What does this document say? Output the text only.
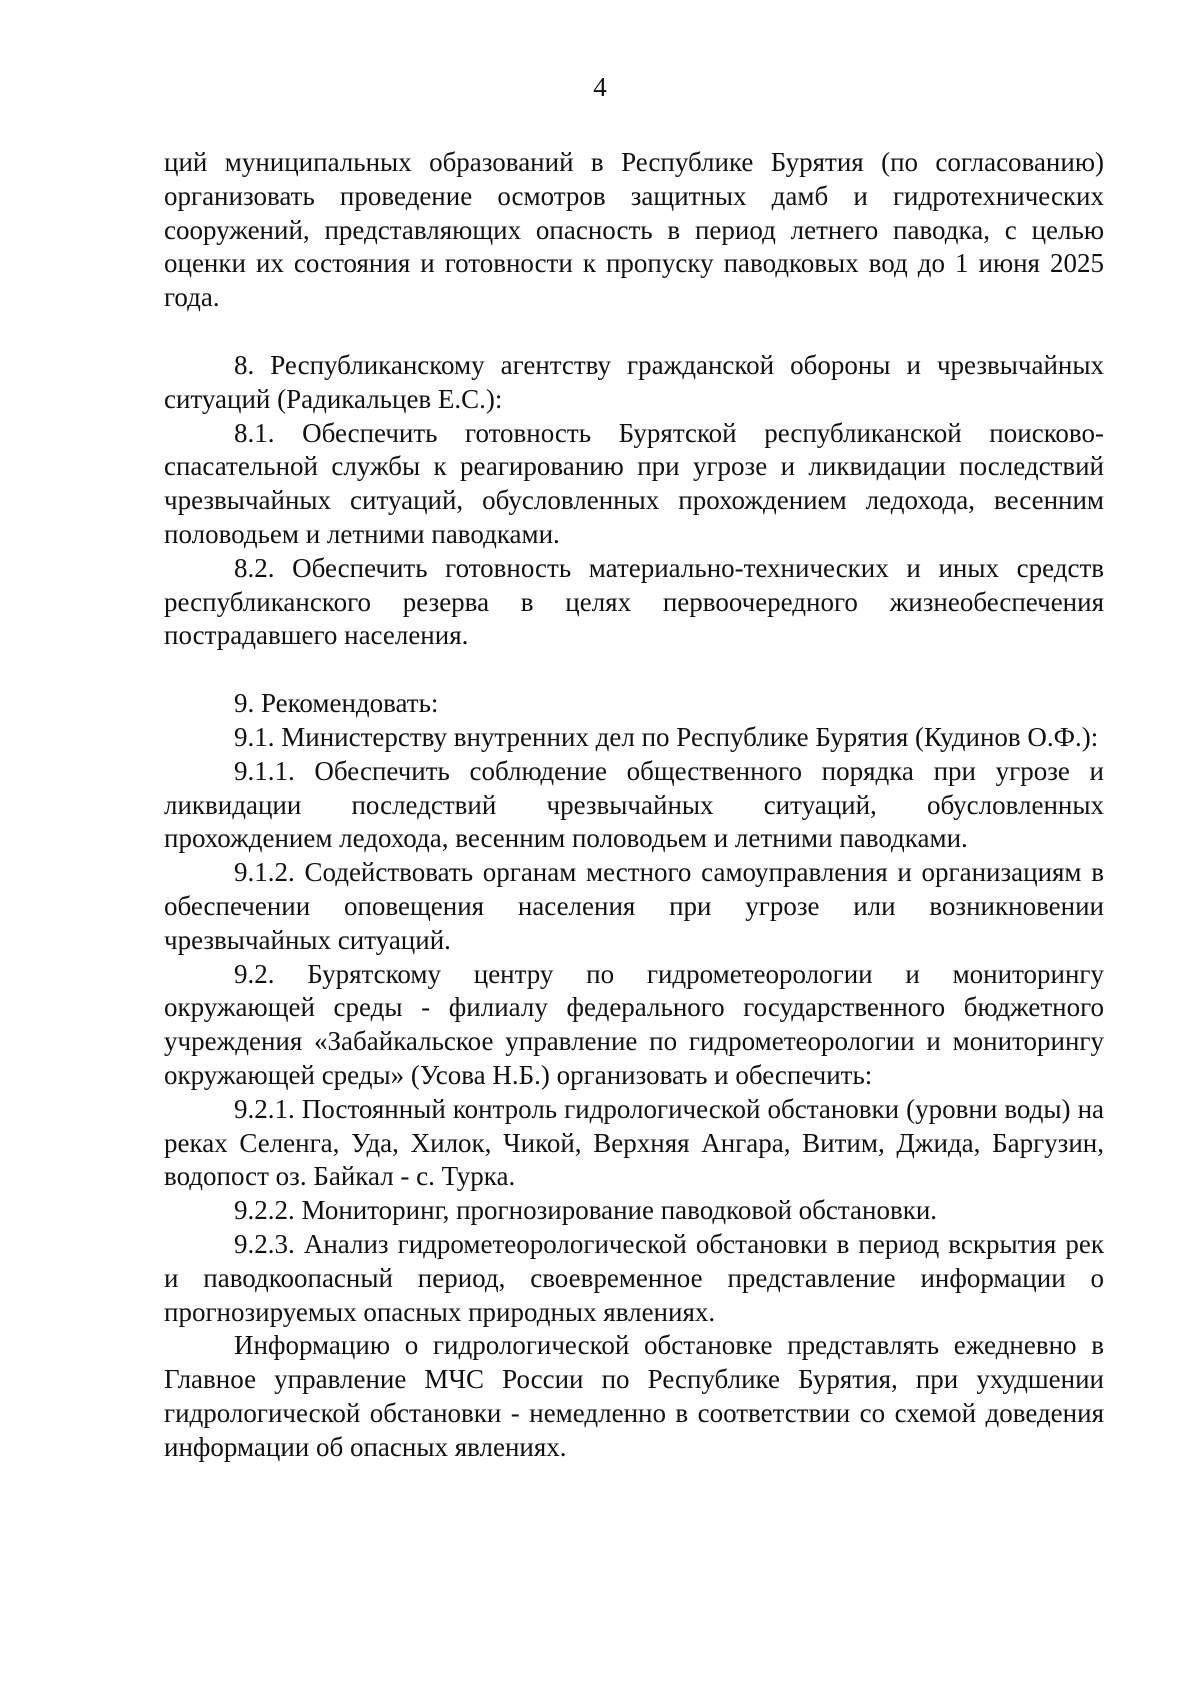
4

ций муниципальных образований в Республике Бурятия (по согласованию) организовать проведение осмотров защитных дамб и гидротехнических сооружений, представляющих опасность в период летнего паводка, с целью оценки их состояния и готовности к пропуску паводковых вод до 1 июня 2025 года.

8. Республиканскому агентству гражданской обороны и чрезвычайных ситуаций (Радикальцев Е.С.):

8.1. Обеспечить готовность Бурятской республиканской поисково-спасательной службы к реагированию при угрозе и ликвидации последствий чрезвычайных ситуаций, обусловленных прохождением ледохода, весенним половодьем и летними паводками.

8.2. Обеспечить готовность материально-технических и иных средств республиканского резерва в целях первоочередного жизнеобеспечения пострадавшего населения.

9. Рекомендовать:

9.1. Министерству внутренних дел по Республике Бурятия (Кудинов О.Ф.):

9.1.1. Обеспечить соблюдение общественного порядка при угрозе и ликвидации последствий чрезвычайных ситуаций, обусловленных прохождением ледохода, весенним половодьем и летними паводками.

9.1.2. Содействовать органам местного самоуправления и организациям в обеспечении оповещения населения при угрозе или возникновении чрезвычайных ситуаций.

9.2. Бурятскому центру по гидрометеорологии и мониторингу окружающей среды - филиалу федерального государственного бюджетного учреждения «Забайкальское управление по гидрометеорологии и мониторингу окружающей среды» (Усова Н.Б.) организовать и обеспечить:

9.2.1. Постоянный контроль гидрологической обстановки (уровни воды) на реках Селенга, Уда, Хилок, Чикой, Верхняя Ангара, Витим, Джида, Баргузин, водопост оз. Байкал - с. Турка.

9.2.2. Мониторинг, прогнозирование паводковой обстановки.

9.2.3. Анализ гидрометеорологической обстановки в период вскрытия рек и паводкоопасный период, своевременное представление информации о прогнозируемых опасных природных явлениях.

Информацию о гидрологической обстановке представлять ежедневно в Главное управление МЧС России по Республике Бурятия, при ухудшении гидрологической обстановки - немедленно в соответствии со схемой доведения информации об опасных явлениях.
